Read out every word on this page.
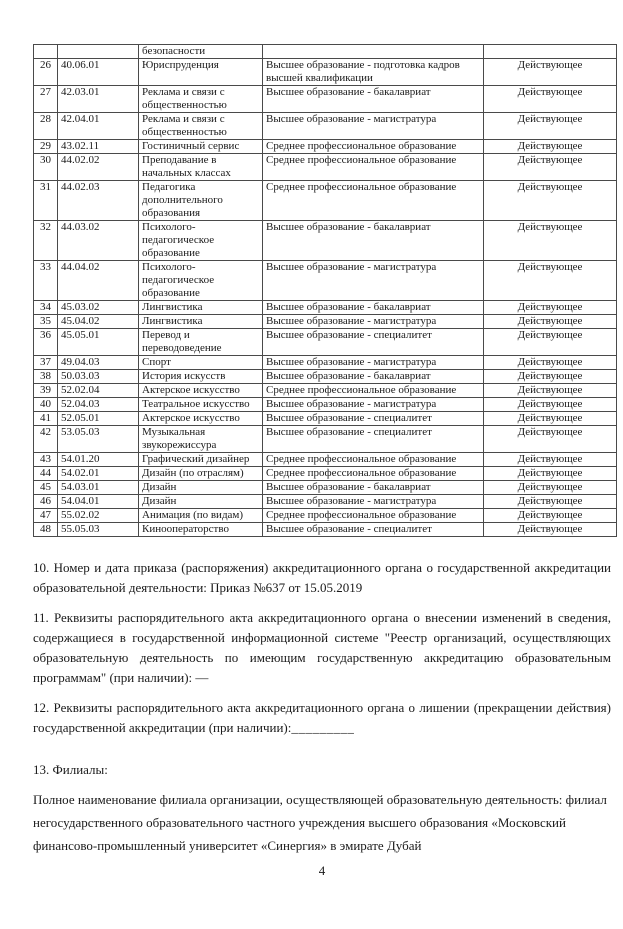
		безопасности		
26	40.06.01	Юриспруденция	Высшее образование - подготовка кадров высшей квалификации	Действующее
27	42.03.01	Реклама и связи с общественностью	Высшее образование - бакалавриат	Действующее
28	42.04.01	Реклама и связи с общественностью	Высшее образование - магистратура	Действующее
29	43.02.11	Гостиничный сервис	Среднее профессиональное образование	Действующее
30	44.02.02	Преподавание в начальных классах	Среднее профессиональное образование	Действующее
31	44.02.03	Педагогика дополнительного образования	Среднее профессиональное образование	Действующее
32	44.03.02	Психолого-педагогическое образование	Высшее образование - бакалавриат	Действующее
33	44.04.02	Психолого-педагогическое образование	Высшее образование - магистратура	Действующее
34	45.03.02	Лингвистика	Высшее образование - бакалавриат	Действующее
35	45.04.02	Лингвистика	Высшее образование - магистратура	Действующее
36	45.05.01	Перевод и переводоведение	Высшее образование - специалитет	Действующее
37	49.04.03	Спорт	Высшее образование - магистратура	Действующее
38	50.03.03	История искусств	Высшее образование - бакалавриат	Действующее
39	52.02.04	Актерское искусство	Среднее профессиональное образование	Действующее
40	52.04.03	Театральное искусство	Высшее образование - магистратура	Действующее
41	52.05.01	Актерское искусство	Высшее образование - специалитет	Действующее
42	53.05.03	Музыкальная звукорежиссура	Высшее образование - специалитет	Действующее
43	54.01.20	Графический дизайнер	Среднее профессиональное образование	Действующее
44	54.02.01	Дизайн (по отраслям)	Среднее профессиональное образование	Действующее
45	54.03.01	Дизайн	Высшее образование - бакалавриат	Действующее
46	54.04.01	Дизайн	Высшее образование - магистратура	Действующее
47	55.02.02	Анимация (по видам)	Среднее профессиональное образование	Действующее
48	55.05.03	Кинооператорство	Высшее образование - специалитет	Действующее

10. Номер и дата приказа (распоряжения) аккредитационного органа о государственной аккредитации образовательной деятельности: Приказ №637 от 15.05.2019

11. Реквизиты распорядительного акта аккредитационного органа о внесении изменений в сведения, содержащиеся в государственной информационной системе "Реестр организаций, осуществляющих образовательную деятельность по имеющим государственную аккредитацию образовательным программам" (при наличии): —

12. Реквизиты распорядительного акта аккредитационного органа о лишении (прекращении действия) государственной аккредитации (при наличии):_________

13. Филиалы:

Полное наименование филиала организации, осуществляющей образовательную деятельность: филиал негосударственного образовательного частного учреждения высшего образования «Московский финансово-промышленный университет «Синергия» в эмирате Дубай

4
